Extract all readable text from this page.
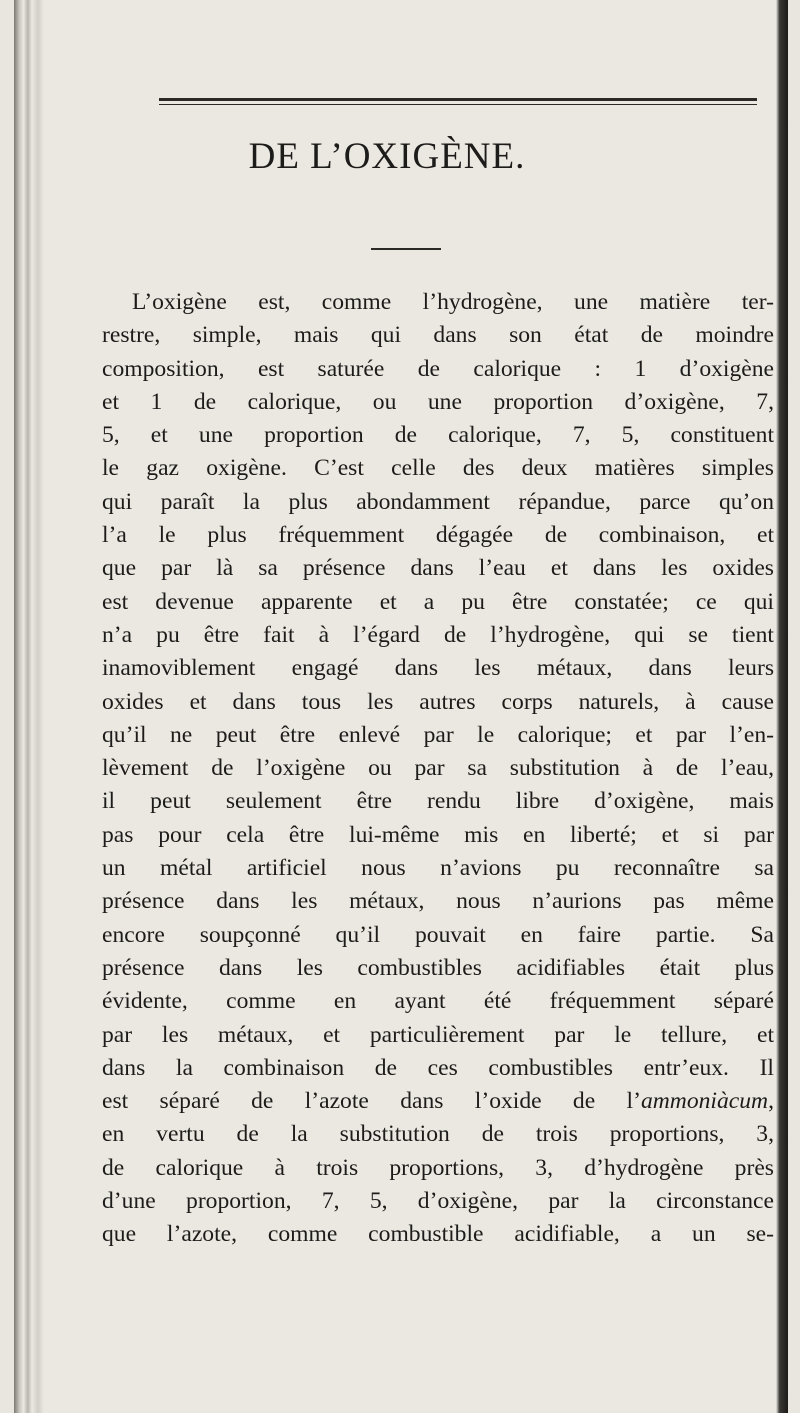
DE L’OXIGÈNE.

L’oxigène est, comme l’hydrogène, une matière ter-
restre, simple, mais qui dans son état de moindre
composition, est saturée de calorique : 1 d’oxigène
et 1 de calorique, ou une proportion d’oxigène, 7,
5, et une proportion de calorique, 7, 5, constituent
le gaz oxigène. C’est celle des deux matières simples
qui paraît la plus abondamment répandue, parce qu’on
l’a le plus fréquemment dégagée de combinaison, et
que par là sa présence dans l’eau et dans les oxides
est devenue apparente et a pu être constatée; ce qui
n’a pu être fait à l’égard de l’hydrogène, qui se tient
inamoviblement engagé dans les métaux, dans leurs
oxides et dans tous les autres corps naturels, à cause
qu’il ne peut être enlevé par le calorique; et par l’en-
lèvement de l’oxigène ou par sa substitution à de l’eau,
il peut seulement être rendu libre d’oxigène, mais
pas pour cela être lui-même mis en liberté; et si par
un métal artificiel nous n’avions pu reconnaître sa
présence dans les métaux, nous n’aurions pas même
encore soupçonné qu’il pouvait en faire partie. Sa
présence dans les combustibles acidifiables était plus
évidente, comme en ayant été fréquemment séparé
par les métaux, et particulièrement par le tellure, et
dans la combinaison de ces combustibles entr’eux. Il
est séparé de l’azote dans l’oxide de l’ammoniàcum,
en vertu de la substitution de trois proportions, 3,
de calorique à trois proportions, 3, d’hydrogène près
d’une proportion, 7, 5, d’oxigène, par la circonstance
que l’azote, comme combustible acidifiable, a un se-
